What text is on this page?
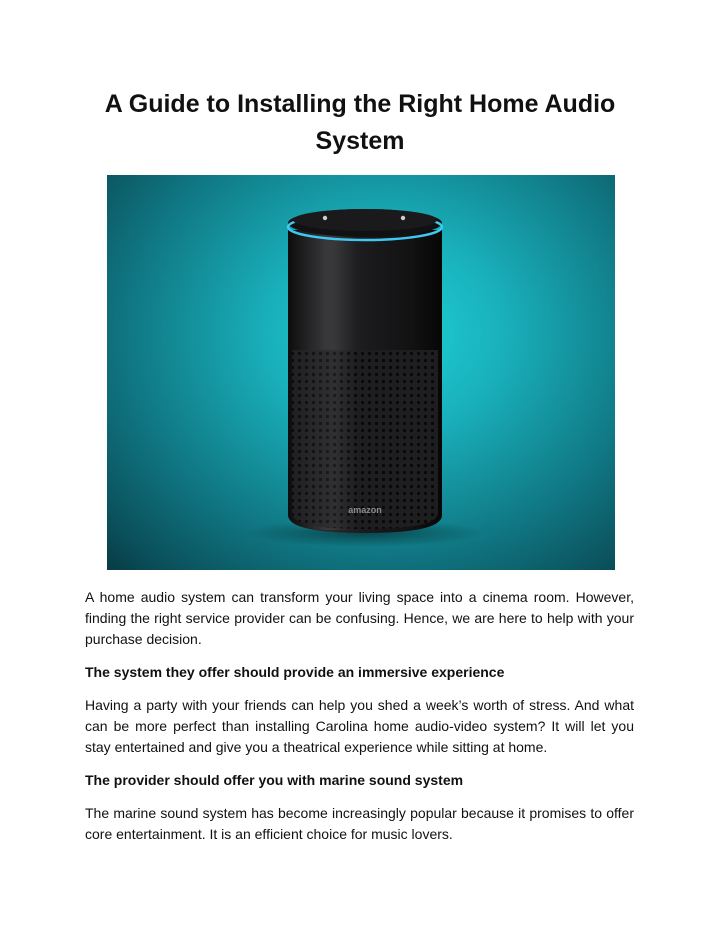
A Guide to Installing the Right Home Audio System
amazon

A home audio system can transform your living space into a cinema room. However, finding the right service provider can be confusing. Hence, we are here to help with your purchase decision.

The system they offer should provide an immersive experience

Having a party with your friends can help you shed a week’s worth of stress. And what can be more perfect than installing Carolina home audio-video system? It will let you stay entertained and give you a theatrical experience while sitting at home.

The provider should offer you with marine sound system

The marine sound system has become increasingly popular because it promises to offer core entertainment. It is an efficient choice for music lovers.
